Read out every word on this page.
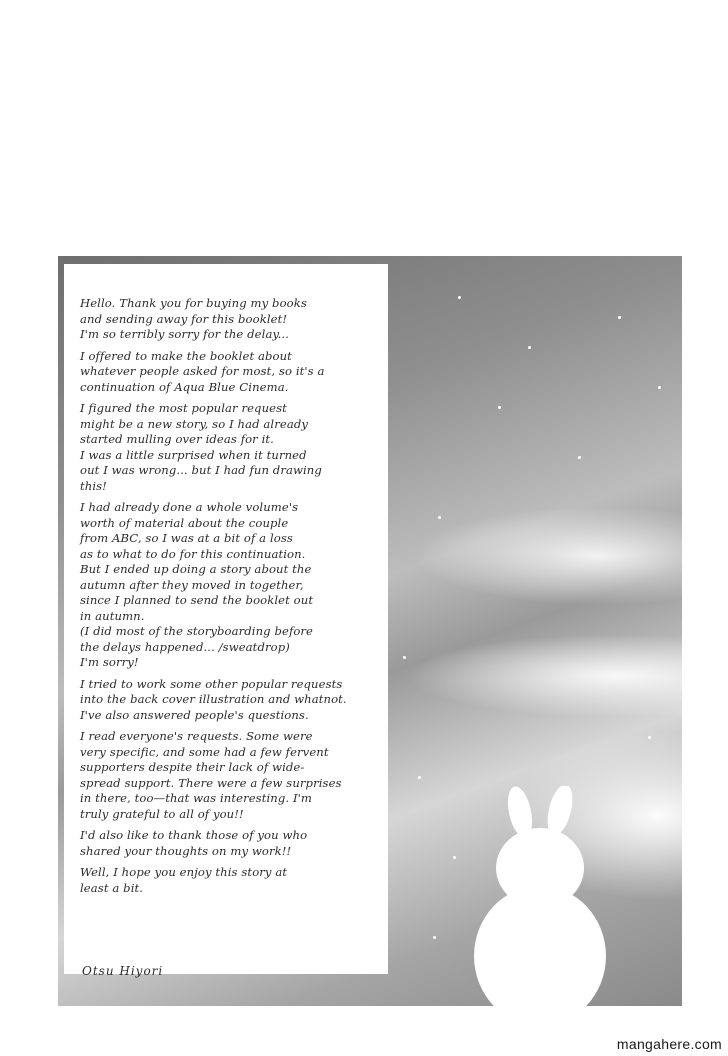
Hello. Thank you for buying my books
and sending away for this booklet!
I'm so terribly sorry for the delay...

I offered to make the booklet about
whatever people asked for most, so it's a
continuation of Aqua Blue Cinema.

I figured the most popular request
might be a new story, so I had already
started mulling over ideas for it.
I was a little surprised when it turned
out I was wrong... but I had fun drawing
this!

I had already done a whole volume's
worth of material about the couple
from ABC, so I was at a bit of a loss
as to what to do for this continuation.
But I ended up doing a story about the
autumn after they moved in together,
since I planned to send the booklet out
in autumn.
(I did most of the storyboarding before
the delays happened... /sweatdrop)
I'm sorry!

I tried to work some other popular requests
into the back cover illustration and whatnot.
I've also answered people's questions.

I read everyone's requests. Some were
very specific, and some had a few fervent
supporters despite their lack of wide-
spread support. There were a few surprises
in there, too—that was interesting. I'm
truly grateful to all of you!!

I'd also like to thank those of you who
shared your thoughts on my work!!

Well, I hope you enjoy this story at
least a bit.

Otsu Hiyori
mangahere.com
